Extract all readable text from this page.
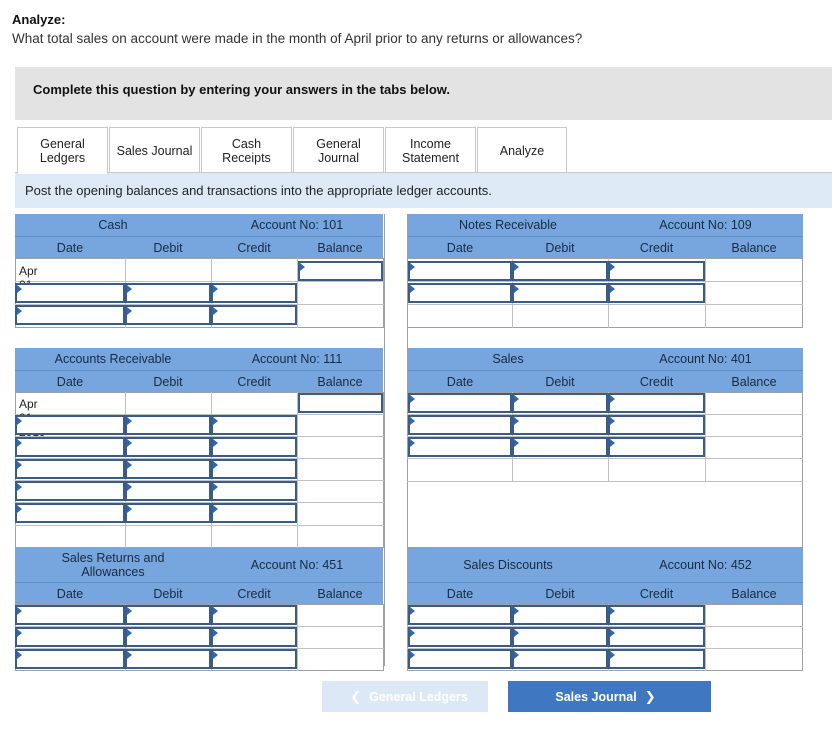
Analyze:
What total sales on account were made in the month of April prior to any returns or allowances?
Complete this question by entering your answers in the tabs below.
General
Ledgers
Sales Journal	Cash
Receipts
General
Journal
Income
Statement	Analyze
Post the opening balances and transactions into the appropriate ledger accounts.
Cash	Account No: 101
Date	Debit	Credit	Balance
Apr
Notes Receivable	Account No: 109
Date	Debit	Credit	Balance
Accounts Receivable	Account No: 111
Date	Debit	Credit	Balance
Apr
Sales	Account No: 401
Date	Debit	Credit	Balance
Sales Returns and Allowances	Account No: 451
Date	Debit	Credit	Balance
Sales Discounts	Account No: 452
Date	Debit	Credit	Balance
❮ General Ledgers	Sales Journal ❯
